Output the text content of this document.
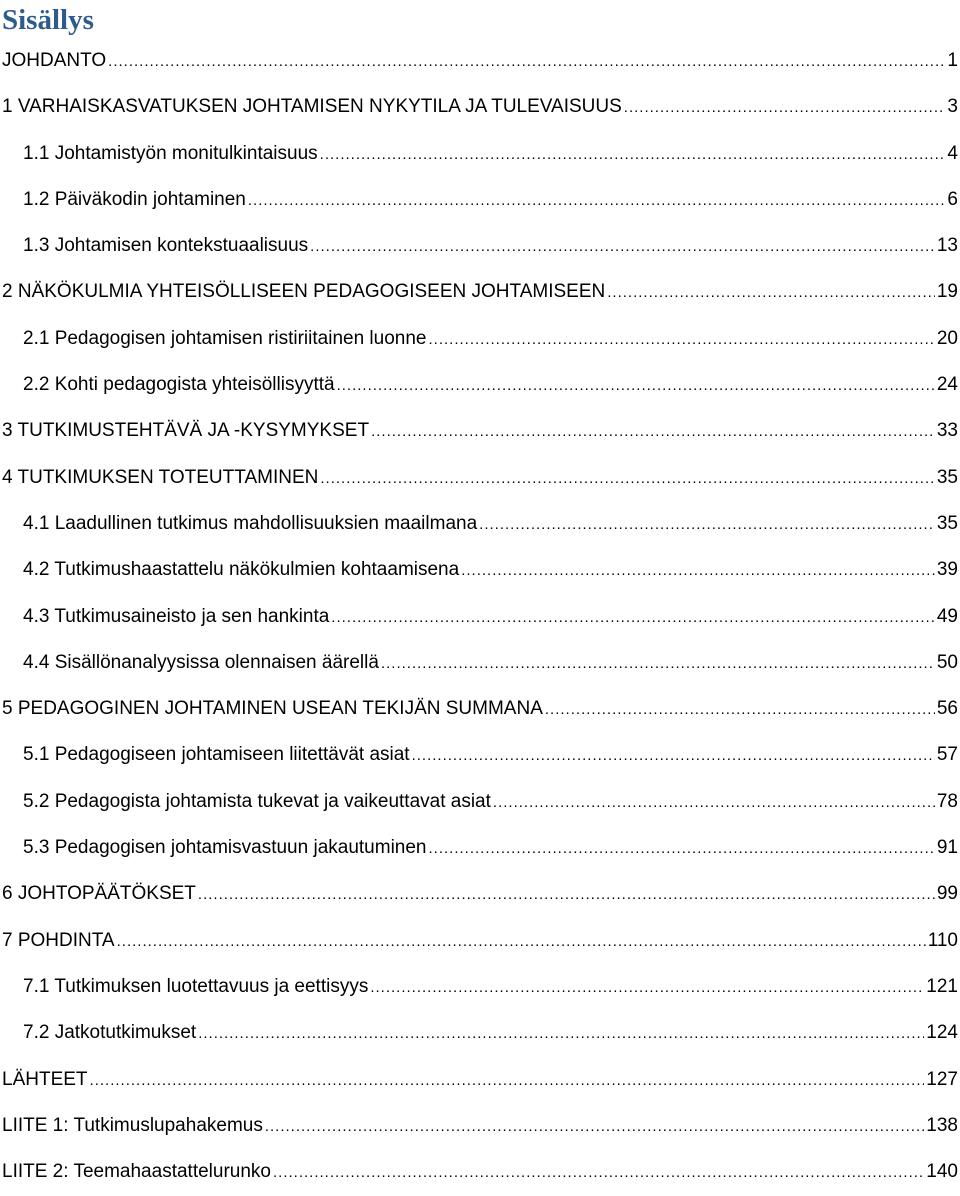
Sisällys
JOHDANTO .....	1
1 VARHAISKASVATUKSEN JOHTAMISEN NYKYTILA JA TULEVAISUUS .....	3
1.1 Johtamistyön monitulkintaisuus .....	4
1.2 Päiväkodin johtaminen .....	6
1.3 Johtamisen kontekstuaalisuus .....	13
2 NÄKÖKULMIA YHTEISÖLLISEEN PEDAGOGISEEN JOHTAMISEEN .....	19
2.1 Pedagogisen johtamisen ristiriitainen luonne .....	20
2.2 Kohti pedagogista yhteisöllisyyttä .....	24
3 TUTKIMUSTEHTÄVÄ JA -KYSYMYKSET .....	33
4 TUTKIMUKSEN TOTEUTTAMINEN .....	35
4.1 Laadullinen tutkimus mahdollisuuksien maailmana .....	35
4.2 Tutkimushaastattelu näkökulmien kohtaamisena .....	39
4.3 Tutkimusaineisto ja sen hankinta .....	49
4.4 Sisällönanalyysissa olennaisen äärellä .....	50
5 PEDAGOGINEN JOHTAMINEN USEAN TEKIJÄN SUMMANA .....	56
5.1 Pedagogiseen johtamiseen liitettävät asiat .....	57
5.2 Pedagogista johtamista tukevat ja vaikeuttavat asiat .....	78
5.3 Pedagogisen johtamisvastuun jakautuminen .....	91
6 JOHTOPÄÄTÖKSET .....	99
7 POHDINTA .....	110
7.1 Tutkimuksen luotettavuus ja eettisyys .....	121
7.2 Jatkotutkimukset .....	124
LÄHTEET .....	127
LIITE 1: Tutkimuslupahakemus .....	138
LIITE 2: Teemahaastattelurunko .....	140
